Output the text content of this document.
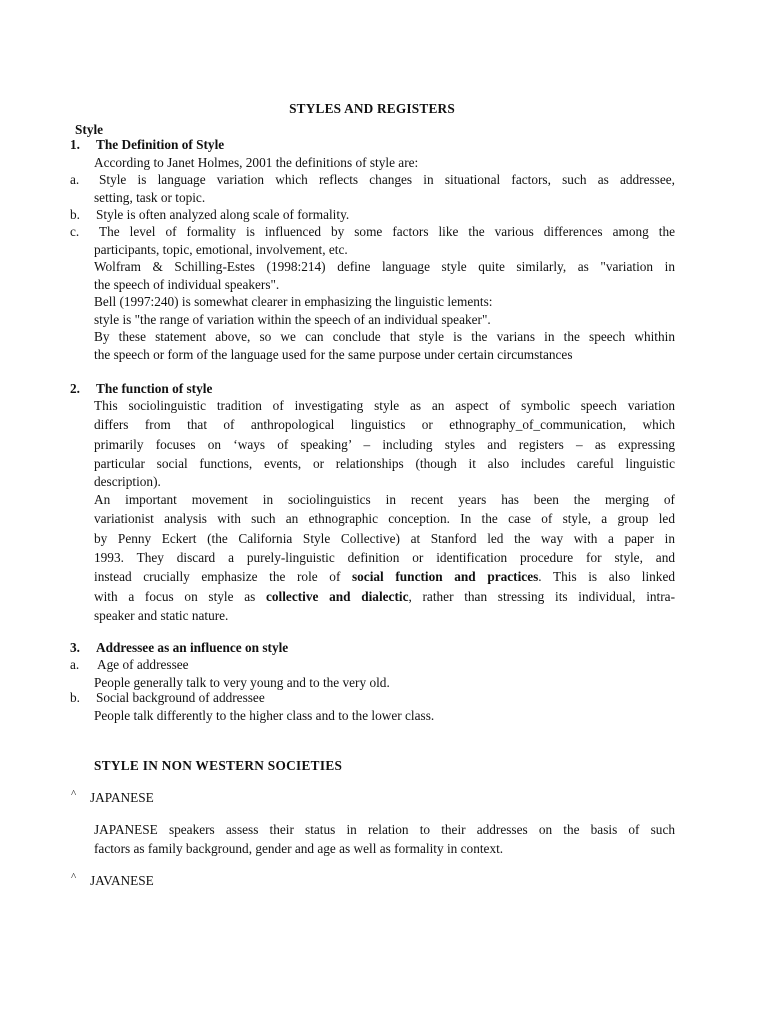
STYLES AND REGISTERS
Style
1. The Definition of Style
According to Janet Holmes, 2001 the definitions of style are:
a. Style is language variation which reflects changes in situational factors, such as addressee,
setting, task or topic.
b. Style is often analyzed along scale of formality.
c. The level of formality is influenced by some factors like the various differences among the
participants, topic, emotional, involvement, etc.
Wolfram & Schilling-Estes (1998:214) define language style quite similarly, as "variation in
the speech of individual speakers".
Bell (1997:240) is somewhat clearer in emphasizing the linguistic lements:
style is "the range of variation within the speech of an individual speaker".
By these statement above, so we can conclude that style is the varians in the speech whithin
the speech or form of the language used for the same purpose under certain circumstances
2. The function of style
This sociolinguistic tradition of investigating style as an aspect of symbolic speech variation
differs from that of anthropological linguistics or ethnography_of_communication, which
primarily focuses on ‘ways of speaking’ – including styles and registers – as expressing
particular social functions, events, or relationships (though it also includes careful linguistic
description).
An important movement in sociolinguistics in recent years has been the merging of
variationist analysis with such an ethnographic conception. In the case of style, a group led
by Penny Eckert (the California Style Collective) at Stanford led the way with a paper in
1993. They discard a purely-linguistic definition or identification procedure for style, and
instead crucially emphasize the role of social function and practices. This is also linked
with a focus on style as collective and dialectic, rather than stressing its individual, intra-
speaker and static nature.
3. Addressee as an influence on style
a. Age of addressee
People generally talk to very young and to the very old.
b. Social background of addressee
People talk differently to the higher class and to the lower class.
STYLE IN NON WESTERN SOCIETIES
^ JAPANESE
JAPANESE speakers assess their status in relation to their addresses on the basis of such
factors as family background, gender and age as well as formality in context.
^ JAVANESE
